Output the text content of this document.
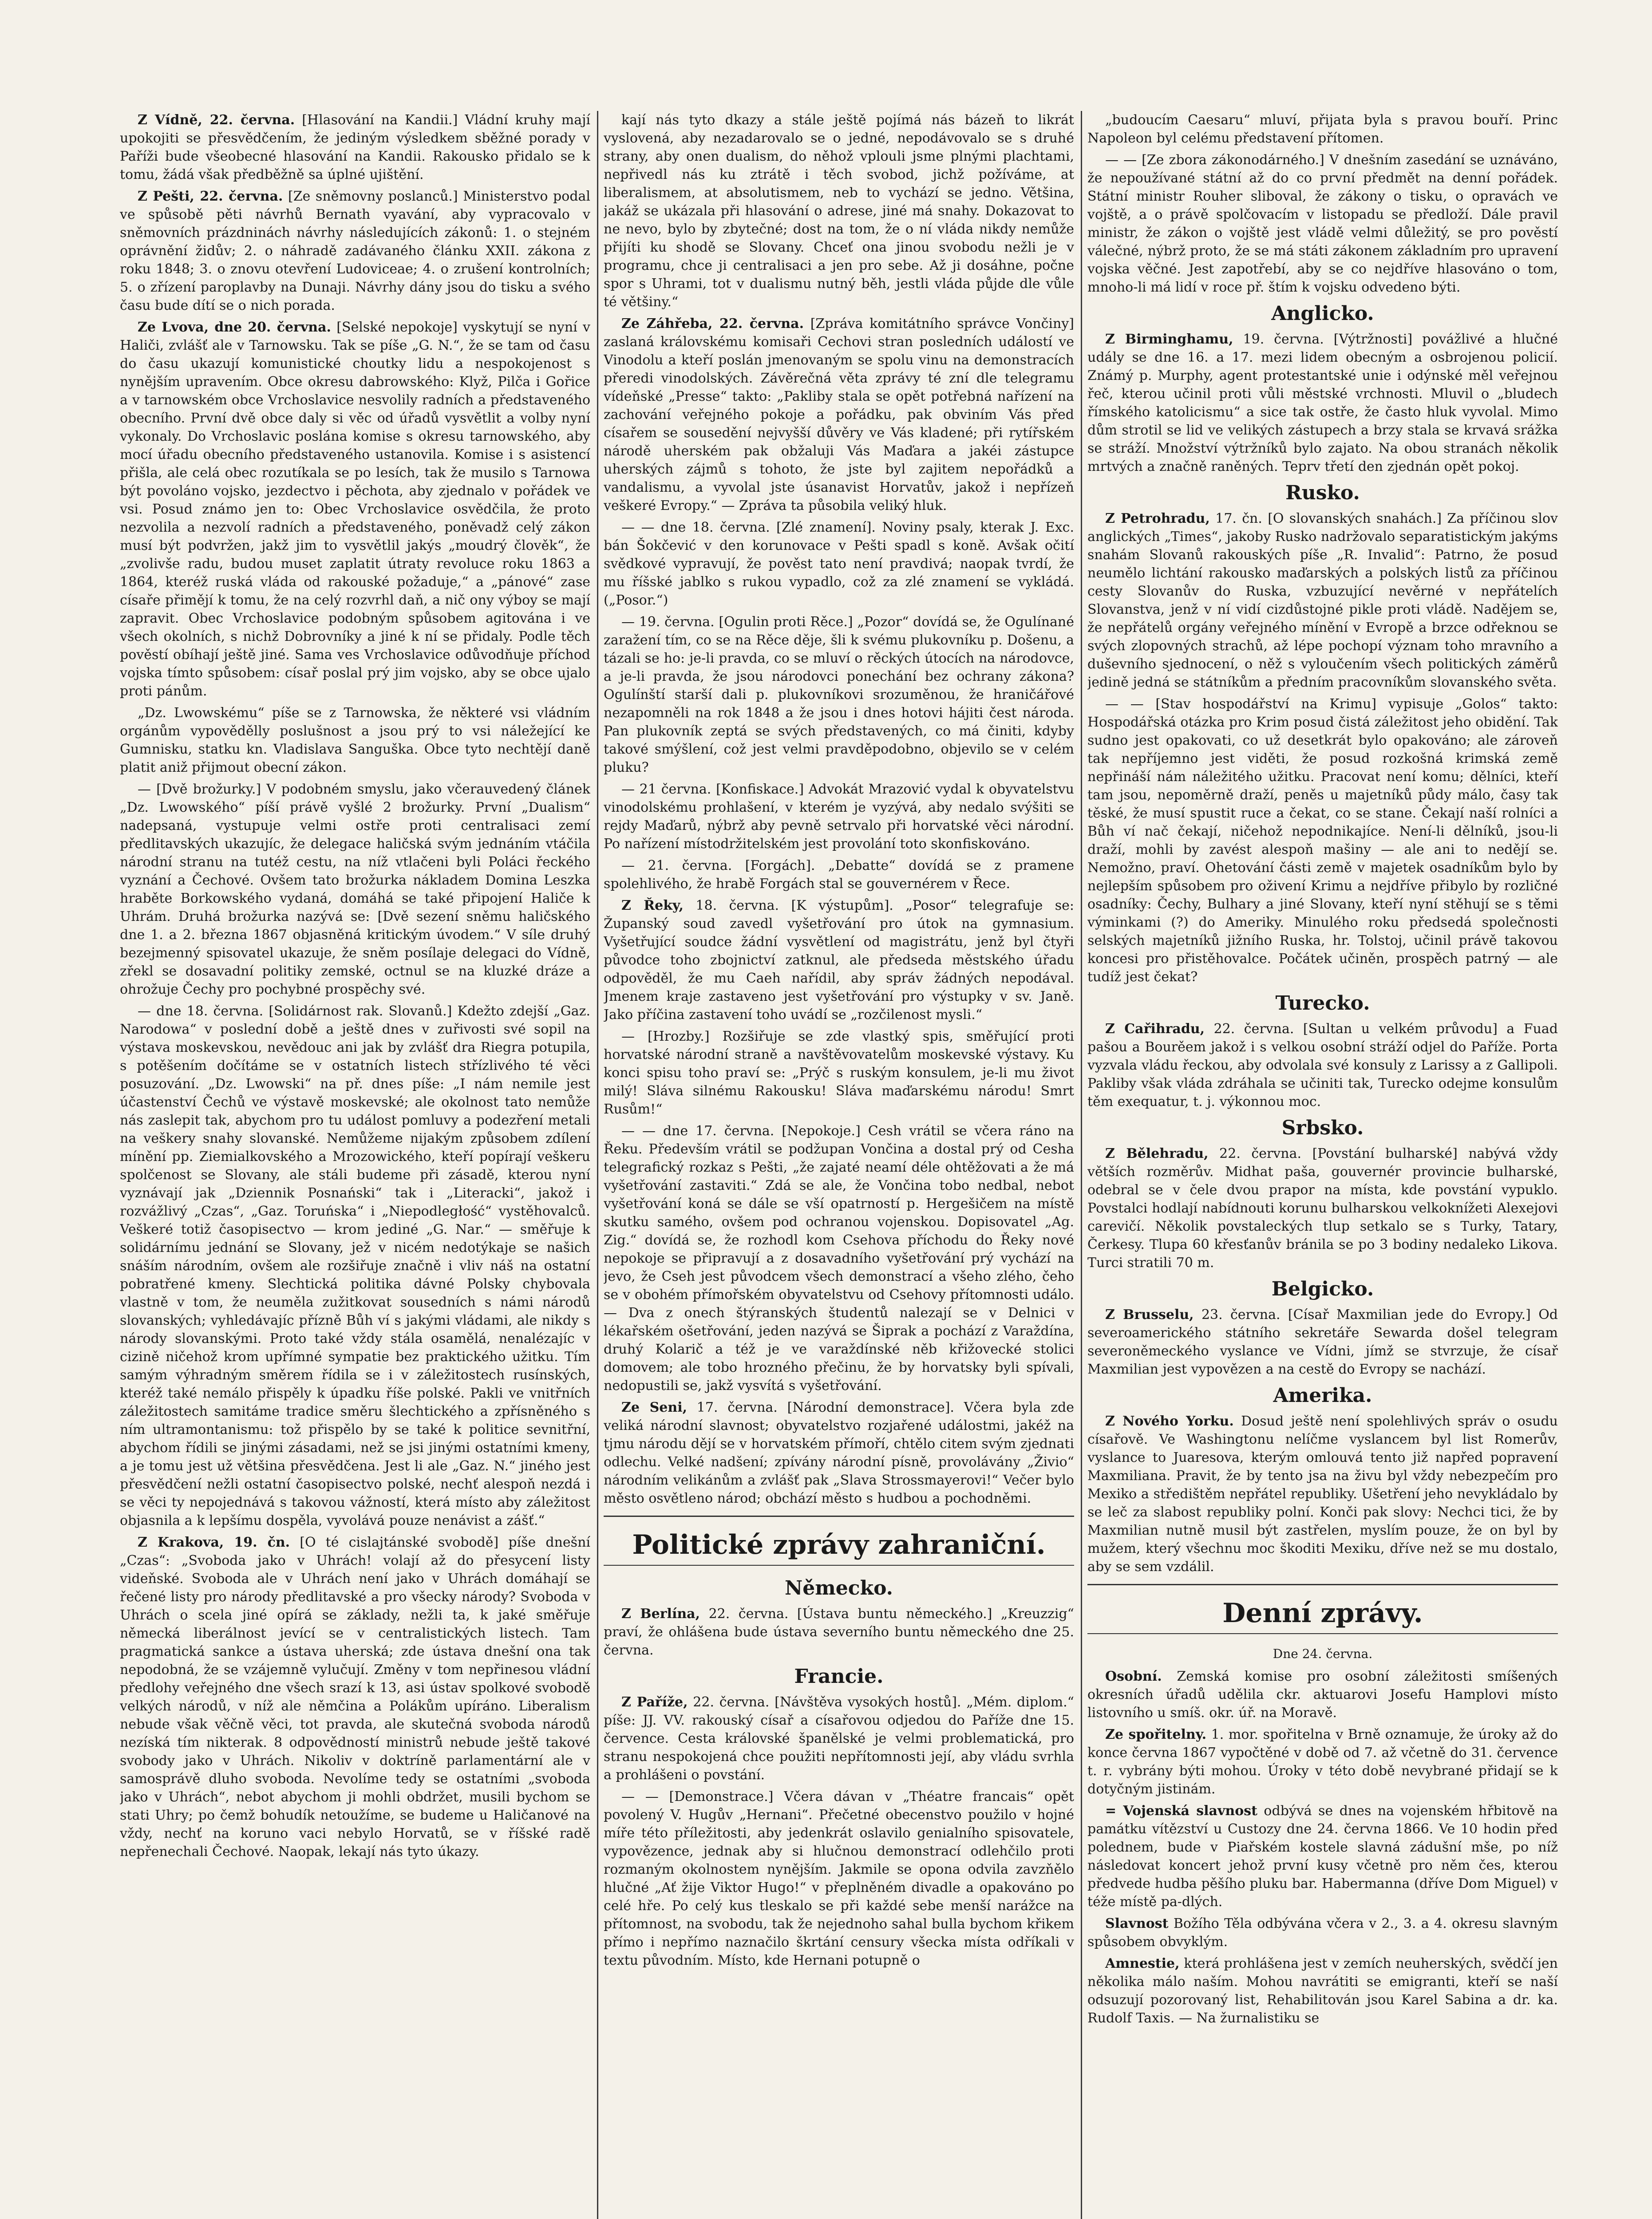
Z Vídně, 22. června. [Hlasování na Kandii.] Vládní kruhy mají upokojiti se přesvědčením, že jediným výsledkem sběžné porady v Paříži bude všeobecné hlasování na Kandii. Rakousko přidalo se k tomu, žádá však předběžně sa úplné ujištění.

Z Pešti, 22. června. [Ze sněmovny poslanců.] Ministerstvo podal ve spůsobě pěti návrhů Bernath vyavání, aby vypracovalo v sněmovních prázdninách návrhy následujících zákonů: 1. o stejném oprávnění židův; 2. o náhradě zadávaného článku XXII. zákona z roku 1848; 3. o znovu otevření Ludoviceae; 4. o zrušení kontrolních; 5. o zřízení paroplavby na Dunaji. Návrhy dány jsou do tisku a svého času bude dítí se o nich porada.

Ze Lvova, dne 20. června. [Selské nepokoje] vyskytují se nyní v Haliči, zvlášť ale v Tarnowsku. Tak se píše „G. N.“, že se tam od času do času ukazují komunistické choutky lidu a nespokojenost s nynějším upravením. Obce okresu dabrowského: Klyž, Pilča i Gořice a v tarnowském obce Vrchoslavice nesvolily radních a představeného obecního. První dvě obce daly si věc od úřadů vysvětlit a volby nyní vykonaly. Do Vrchoslavic poslána komise s okresu tarnowského, aby mocí úřadu obecního představeného ustanovila. Komise i s asistencí přišla, ale celá obec rozutíkala se po lesích, tak že musilo s Tarnowa být povoláno vojsko, jezdectvo i pěchota, aby zjednalo v pořádek ve vsi. Posud známo jen to: Obec Vrchoslavice osvědčila, že proto nezvolila a nezvolí radních a představeného, poněvadž celý zákon musí být podvržen, jakž jim to vysvětlil jakýs „moudrý člověk“, že „zvolivše radu, budou muset zaplatit útraty revoluce roku 1863 a 1864, kteréž ruská vláda od rakouské požaduje,“ a „pánové“ zase císaře přimějí k tomu, že na celý rozvrhl daň, a nič ony výboy se mají zapravit. Obec Vrchoslavice podobným spůsobem agitována i ve všech okolních, s nichž Dobrovníky a jiné k ní se přidaly. Podle těch pověstí obíhají ještě jiné. Sama ves Vrchoslavice odůvodňuje příchod vojska tímto spůsobem: císař poslal prý jim vojsko, aby se obce ujalo proti pánům.

„Dz. Lwowskému“ píše se z Tarnowska, že některé vsi vládním orgánům vypovědělly poslušnost a jsou prý to vsi náležející ke Gumnisku, statku kn. Vladislava Sanguška. Obce tyto nechtějí daně platit aniž přijmout obecní zákon.

— [Dvě brožurky.] V podobném smyslu, jako včerauvedený článek „Dz. Lwowského“ píší právě vyšlé 2 brožurky. První „Dualism“ nadepsaná, vystupuje velmi ostře proti centralisaci zemí předlitavských ukazujíc, že delegace haličská svým jednáním vtáčila národní stranu na tutéž cestu, na níž vtlačeni byli Poláci řeckého vyznání a Čechové. Ovšem tato brožurka nákladem Domina Leszka hraběte Borkowského vydaná, domáhá se také připojení Haliče k Uhrám. Druhá brožurka nazývá se: [Dvě sezení sněmu haličského dne 1. a 2. března 1867 objasněná kritickým úvodem.“ V síle druhý bezejmenný spisovatel ukazuje, že sněm posílaje delegaci do Vídně, zřekl se dosavadní politiky zemské, octnul se na kluzké dráze a ohrožuje Čechy pro pochybné prospěchy své.

— dne 18. června. [Solidárnost rak. Slovanů.] Kdežto zdejší „Gaz. Narodowa“ v poslední době a ještě dnes v zuřivosti své sopil na výstava moskevskou, nevědouc ani jak by zvlášť dra Riegra potupila, s potěšením dočítáme se v ostatních listech střízlivého té věci posuzování. „Dz. Lwowski“ na př. dnes píše: „I nám nemile jest účastenství Čechů ve výstavě moskevské; ale okolnost tato nemůže nás zaslepit tak, abychom pro tu událost pomluvy a podezření metali na veškery snahy slovanské. Nemůžeme nijakým způsobem zdílení mínění pp. Ziemialkovského a Mrozowického, kteří popírají veškeru spolčenost se Slovany, ale stáli budeme při zásadě, kterou nyní vyznávají jak „Dziennik Posnański“ tak i „Literacki“, jakož i rozvážlivý „Czas“, „Gaz. Toruńska“ i „Niepodległość“ vystěhovalců. Veškeré totiž časopisectvo — krom jediné „G. Nar.“ — směřuje k solidárnímu jednání se Slovany, jež v nicém nedotýkaje se našich snáším národním, ovšem ale rozšiřuje značně i vliv náš na ostatní pobratřené kmeny. Slechtická politika dávné Polsky chybovala vlastně v tom, že neuměla zužitkovat sousedních s námi národů slovanských; vyhledávajíc přízně Bůh ví s jakými vládami, ale nikdy s národy slovanskými. Proto také vždy stála osamělá, nenalézajíc v cizině ničehož krom upřímné sympatie bez praktického užitku. Tím samým výhradným směrem řídila se i v záležitostech rusínských, kteréž také nemálo přispěly k úpadku říše polské. Pakli ve vnitřních záležitostech samitáme tradice směru šlechtického a zpřísněného s ním ultramontanismu: tož přispělo by se také k politice sevnitřní, abychom řídili se jinými zásadami, než se jsi jinými ostatními kmeny, a je tomu jest už většina přesvědčena. Jest li ale „Gaz. N.“ jiného jest přesvědčení nežli ostatní časopisectvo polské, nechť alespoň nezdá i se věci ty nepojednává s takovou vážností, která místo aby záležitost objasnila a k lepšímu dospěla, vyvolává pouze nenávist a zášť.“

Z Krakova, 19. čn. [O té cislajtánské svobodě] píše dnešní „Czas“: „Svoboda jako v Uhrách! volají až do přesycení listy videňské. Svoboda ale v Uhrách není jako v Uhrách domáhají se řečené listy pro národy předlitavské a pro všecky národy? Svoboda v Uhrách o scela jiné opírá se základy, nežli ta, k jaké směřuje německá liberálnost jevící se v centralistických listech. Tam pragmatická sankce a ústava uherská; zde ústava dnešní ona tak nepodobná, že se vzájemně vylučují. Změny v tom nepřinesou vládní předlohy veřejného dne všech srazí k 13, asi ústav spolkové svobodě velkých národů, v níž ale němčina a Polákům upíráno. Liberalism nebude však věčně věci, tot pravda, ale skutečná svoboda národů nezíská tím nikterak. 8 odpovědností ministrů nebude ještě takové svobody jako v Uhrách. Nikoliv v doktríně parlamentární ale v samosprávě dluho svoboda. Nevolíme tedy se ostatními „svoboda jako v Uhrách“, nebot abychom ji mohli obdržet, musili bychom se stati Uhry; po čemž bohudík netoužíme, se budeme u Haličanové na vždy, nechť na koruno vaci nebylo Horvatů, se v říšské radě nepřenechali Čechové. Naopak, lekají nás tyto úkazy.

kají nás tyto dkazy a stále ještě pojímá nás bázeň to likrát vyslovená, aby nezadarovalo se o jedné, nepodávovalo se s druhé strany, aby onen dualism, do něhož vplouli jsme plnými plachtami, nepřivedl nás ku ztrátě i těch svobod, jichž požíváme, at liberalismem, at absolutismem, neb to vychází se jedno. Většina, jakáž se ukázala při hlasování o adrese, jiné má snahy. Dokazovat to ne nevo, bylo by zbytečné; dost na tom, že o ní vláda nikdy nemůže přijíti ku shodě se Slovany. Chceť ona jinou svobodu nežli je v programu, chce ji centralisaci a jen pro sebe. Až ji dosáhne, počne spor s Uhrami, tot v dualismu nutný běh, jestli vláda půjde dle vůle té většiny.“

Ze Záhřeba, 22. června. [Zpráva komitátního správce Vončiny] zaslaná královskému komisaři Cechovi stran posledních událostí ve Vinodolu a kteří poslán jmenovaným se spolu vinu na demonstracích přeredi vinodolských. Závěrečná věta zprávy té zní dle telegramu vídeňské „Presse“ takto: „Pakliby stala se opět potřebná nařízení na zachování veřejného pokoje a pořádku, pak obviním Vás před císařem se sousedění nejvyšší důvěry ve Vás kladené; při rytířském národě uherském pak obžaluji Vás Maďara a jakéi zástupce uherských zájmů s tohoto, že jste byl zajitem nepořádků a vandalismu, a vyvolal jste úsanavist Horvatův, jakož i nepřízeň veškeré Evropy.“ — Zpráva ta působila veliký hluk.

— — dne 18. června. [Zlé znamení]. Noviny psaly, kterak J. Exc. bán Šokčević v den korunovace v Pešti spadl s koně. Avšak očití svědkové vypravují, že pověst tato není pravdivá; naopak tvrdí, že mu říšské jablko s rukou vypadlo, což za zlé znamení se vykládá. („Posor.“)

— 19. června. [Ogulin proti Rěce.] „Pozor“ dovídá se, že Ogulínané zaražení tím, co se na Rěce děje, šli k svému plukovníku p. Došenu, a tázali se ho: je-li pravda, co se mluví o rěckých útocích na národovce, a je-li pravda, že jsou národovci ponechání bez ochrany zákona? Ogulínští starší dali p. plukovníkovi srozuměnou, že hraničářové nezapomněli na rok 1848 a že jsou i dnes hotovi hájiti čest národa. Pan plukovník zeptá se svých představených, co má činiti, kdyby takové smýšlení, což jest velmi pravděpodobno, objevilo se v celém pluku?

— 21 června. [Konfiskace.] Advokát Mrazović vydal k obyvatelstvu vinodolskému prohlašení, v kterém je vyzývá, aby nedalo svýšiti se rejdy Maďarů, nýbrž aby pevně setrvalo při horvatské věci národní. Po nařízení místodržitelském jest provolání toto skonfiskováno.

— 21. června. [Forgách]. „Debatte“ dovídá se z pramene spolehlivého, že hrabě Forgách stal se gouvernérem v Řece.

Z Řeky, 18. června. [K výstupům]. „Posor“ telegrafuje se: Županský soud zavedl vyšetřování pro útok na gymnasium. Vyšetřující soudce žádní vysvětlení od magistrátu, jenž byl čtyři původce toho zbojnictví zatknul, ale předseda městského úřadu odpověděl, že mu Caeh nařídil, aby správ žádných nepodával. Jmenem kraje zastaveno jest vyšetřování pro výstupky v sv. Janě. Jako příčina zastavení toho uvádí se „rozčilenost mysli.“

— [Hrozby.] Rozšiřuje se zde vlastký spis, směřující proti horvatské národní straně a navštěvovatelům moskevské výstavy. Ku konci spisu toho praví se: „Prýč s ruským konsulem, je-li mu život milý! Sláva silnému Rakousku! Sláva maďarskému národu! Smrt Rusům!“

— — dne 17. června. [Nepokoje.] Cesh vrátil se včera ráno na Řeku. Především vrátil se podžupan Vončina a dostal prý od Cesha telegrafický rozkaz s Pešti, „že zajaté neamí déle ohtěžovati a že má vyšetřování zastaviti.“ Zdá se ale, že Vončina tobo nedbal, nebot vyšetřování koná se dále se vší opatrností p. Hergešičem na místě skutku samého, ovšem pod ochranou vojenskou. Dopisovatel „Ag. Zig.“ dovídá se, že rozhodl kom Csehova příchodu do Řeky nové nepokoje se připravují a z dosavadního vyšetřování prý vychází na jevo, že Cseh jest původcem všech demonstrací a všeho zlého, čeho se v obohém přímořském obyvatelstvu od Csehovy přítomnosti událo. — Dva z onech štýranských študentů nalezají se v Delnici v lékařském ošetřování, jeden nazývá se Šiprak a pochází z Varaždína, druhý Kolarič a též je ve varaždínské něb křižovecké stolici domovem; ale tobo hrozného přečinu, že by horvatsky byli spívali, nedopustili se, jakž vysvítá s vyšetřování.

Ze Seni, 17. června. [Národní demonstrace]. Včera byla zde veliká národní slavnost; obyvatelstvo rozjařené událostmi, jakéž na tjmu národu dějí se v horvatském přímoří, chtělo citem svým zjednati odlechu. Velké nadšení; zpívány národní písně, provolávány „Živio“ národním velikánům a zvlášť pak „Slava Strossmayerovi!“ Večer bylo město osvětleno národ; obchází město s hudbou a pochodněmi.

Politické zprávy zahraniční.
Německo.

Z Berlína, 22. června. [Ústava buntu německého.] „Kreuzzig“ praví, že ohlášena bude ústava severního buntu německého dne 25. června.

Francie.

Z Paříže, 22. června. [Návštěva vysokých hostů]. „Mém. diplom.“ píše: JJ. VV. rakouský císař a císařovou odjedou do Paříže dne 15. července. Cesta královské španělské je velmi problematická, pro stranu nespokojená chce použiti nepřítomnosti její, aby vládu svrhla a prohlášeni o povstání.

— — [Demonstrace.] Včera dávan v „Théatre francais“ opět povolený V. Hugův „Hernani“. Přečetné obecenstvo použilo v hojné míře této příležitosti, aby jedenkrát oslavilo genialního spisovatele, vypovězence, jednak aby si hlučnou demonstrací odlehčilo proti rozmaným okolnostem nynějším. Jakmile se opona odvila zavzňělo hlučné „Ať žije Viktor Hugo!“ v přeplněném divadle a opakováno po celé hře. Po celý kus tleskalo se při každé sebe menší narážce na přítomnost, na svobodu, tak že nejednoho sahal bulla bychom křikem přímo i nepřímo naznačilo škrtání censury všecka místa odříkali v textu původním. Místo, kde Hernani potupně o

„budoucím Caesaru“ mluví, přijata byla s pravou bouří. Princ Napoleon byl celému představení přítomen.

— — [Ze zbora zákonodárného.] V dnešním zasedání se uznáváno, že nepoužívané státní až do co první předmět na denní pořádek. Státní ministr Rouher sliboval, že zákony o tisku, o opravách ve vojště, a o právě spolčovacím v listopadu se předloží. Dále pravil ministr, že zákon o vojště jest vládě velmi důležitý, se pro pověstí válečné, nýbrž proto, že se má státi zákonem základním pro upravení vojska věčné. Jest zapotřebí, aby se co nejdříve hlasováno o tom, mnoho-li má lidí v roce př. štím k vojsku odvedeno býti.

Anglicko.

Z Birminghamu, 19. června. [Výtržnosti] povážlivé a hlučné udály se dne 16. a 17. mezi lidem obecným a osbrojenou policií. Známý p. Murphy, agent protestantské unie i odýnské měl veřejnou řeč, kterou učinil proti vůli městské vrchnosti. Mluvil o „bludech římského katolicismu“ a sice tak ostře, že často hluk vyvolal. Mimo dům strotil se lid ve velikých zástupech a brzy stala se krvavá srážka se stráží. Množství výtržníků bylo zajato. Na obou stranách několik mrtvých a značně raněných. Teprv třetí den zjednán opět pokoj.

Rusko.

Z Petrohradu, 17. čn. [O slovanských snahách.] Za příčinou slov anglických „Times“, jakoby Rusko nadržovalo separatistickým jakýms snahám Slovanů rakouských píše „R. Invalid“: Patrno, že posud neumělo lichtání rakousko maďarských a polských listů za příčinou cesty Slovanův do Ruska, vzbuzující nevěrné v nepřátelích Slovanstva, jenž v ní vidí cizdůstojné pikle proti vládě. Nadějem se, že nepřátelů orgány veřejného mínění v Evropě a brzce odřeknou se svých zlopovných strachů, až lépe pochopí význam toho mravního a duševního sjednocení, o něž s vyloučením všech politických záměrů jedině jedná se státníkům a předním pracovníkům slovanského světa.

— — [Stav hospodářství na Krimu] vypisuje „Golos“ takto: Hospodářská otázka pro Krim posud čistá záležitost jeho obidění. Tak sudno jest opakovati, co už desetkrát bylo opakováno; ale zároveň tak nepříjemno jest viděti, že posud rozkošná krimská země nepřináší nám náležitého užitku. Pracovat není komu; dělníci, kteří tam jsou, nepoměrně draží, peněs u majetníků půdy málo, časy tak těské, že musí spustit ruce a čekat, co se stane. Čekají naší rolníci a Bůh ví nač čekají, ničehož nepodnikajíce. Není-li dělníků, jsou-li draží, mohli by zavést alespoň mašiny — ale ani to nedějí se. Nemožno, praví. Ohetování části země v majetek osadníkům bylo by nejlepším spůsobem pro oživení Krimu a nejdříve přibylo by rozličné osadníky: Čechy, Bulhary a jiné Slovany, kteří nyní stěhují se s těmi výminkami (?) do Ameriky. Minulého roku předsedá společnosti selských majetníků jižního Ruska, hr. Tolstoj, učinil právě takovou koncesi pro přistěhovalce. Počátek učiněn, prospěch patrný — ale tudíž jest čekat?

Turecko.

Z Cařihradu, 22. června. [Sultan u velkém průvodu] a Fuad pašou a Bourěem jakož i s velkou osobní stráží odjel do Paříže. Porta vyzvala vládu řeckou, aby odvolala své konsuly z Larissy a z Gallipoli. Pakliby však vláda zdráhala se učiniti tak, Turecko odejme konsulům těm exequatur, t. j. výkonnou moc.

Srbsko.

Z Bělehradu, 22. června. [Povstání bulharské] nabývá vždy větších rozměrův. Midhat paša, gouvernér provincie bulharské, odebral se v čele dvou prapor na místa, kde povstání vypuklo. Povstalci hodlají nabídnouti korunu bulharskou velkoknížeti Alexejovi carevičí. Několik povstaleckých tlup setkalo se s Turky, Tatary, Čerkesy. Tlupa 60 křesťanův bránila se po 3 bodiny nedaleko Likova. Turci stratili 70 m.

Belgicko.

Z Brusselu, 23. června. [Císař Maxmilian jede do Evropy.] Od severoamerického státního sekretáře Sewarda došel telegram severoněmeckého vyslance ve Vídni, jímž se stvrzuje, že císař Maxmilian jest vypovězen a na cestě do Evropy se nachází.

Amerika.

Z Nového Yorku. Dosud ještě není spolehlivých správ o osudu císařově. Ve Washingtonu nelíčme vyslancem byl list Romerův, vyslance to Juaresova, kterým omlouvá tento již napřed popravení Maxmiliana. Pravit, že by tento jsa na živu byl vždy nebezpečím pro Mexiko a středištěm nepřátel republiky. Ušetření jeho nevykládalo by se leč za slabost republiky polní. Konči pak slovy: Nechci tici, že by Maxmilian nutně musil být zastřelen, myslím pouze, že on byl by mužem, který všechnu moc škoditi Mexiku, dříve než se mu dostalo, aby se sem vzdálil.

Denní zprávy.
Dne 24. června.

Osobní. Zemská komise pro osobní záležitosti smíšených okresních úřadů udělila ckr. aktuarovi Josefu Hamplovi místo listovního u smíš. okr. úř. na Moravě.

Ze spořitelny. 1. mor. spořitelna v Brně oznamuje, že úroky až do konce června 1867 vypočtěné v době od 7. až včetně do 31. července t. r. vybrány býti mohou. Úroky v této době nevybrané přidají se k dotyčným jistinám.

= Vojenská slavnost odbývá se dnes na vojenském hřbitově na památku vítězství u Custozy dne 24. června 1866. Ve 10 hodin před polednem, bude v Piařském kostele slavná zádušní mše, po níž následovat koncert jehož první kusy včetně pro něm čes, kterou předvede hudba pěšího pluku bar. Habermanna (dříve Dom Miguel) v téže místě pa-dlých.

Slavnost Božího Těla odbývána včera v 2., 3. a 4. okresu slavným spůsobem obvyklým.

Amnestie, která prohlášena jest v zemích neuherských, svědčí jen několika málo naším. Mohou navrátiti se emigranti, kteří se naší odsuzují pozorovaný list, Rehabilitován jsou Karel Sabina a dr. ka. Rudolf Taxis. — Na žurnalistiku se
